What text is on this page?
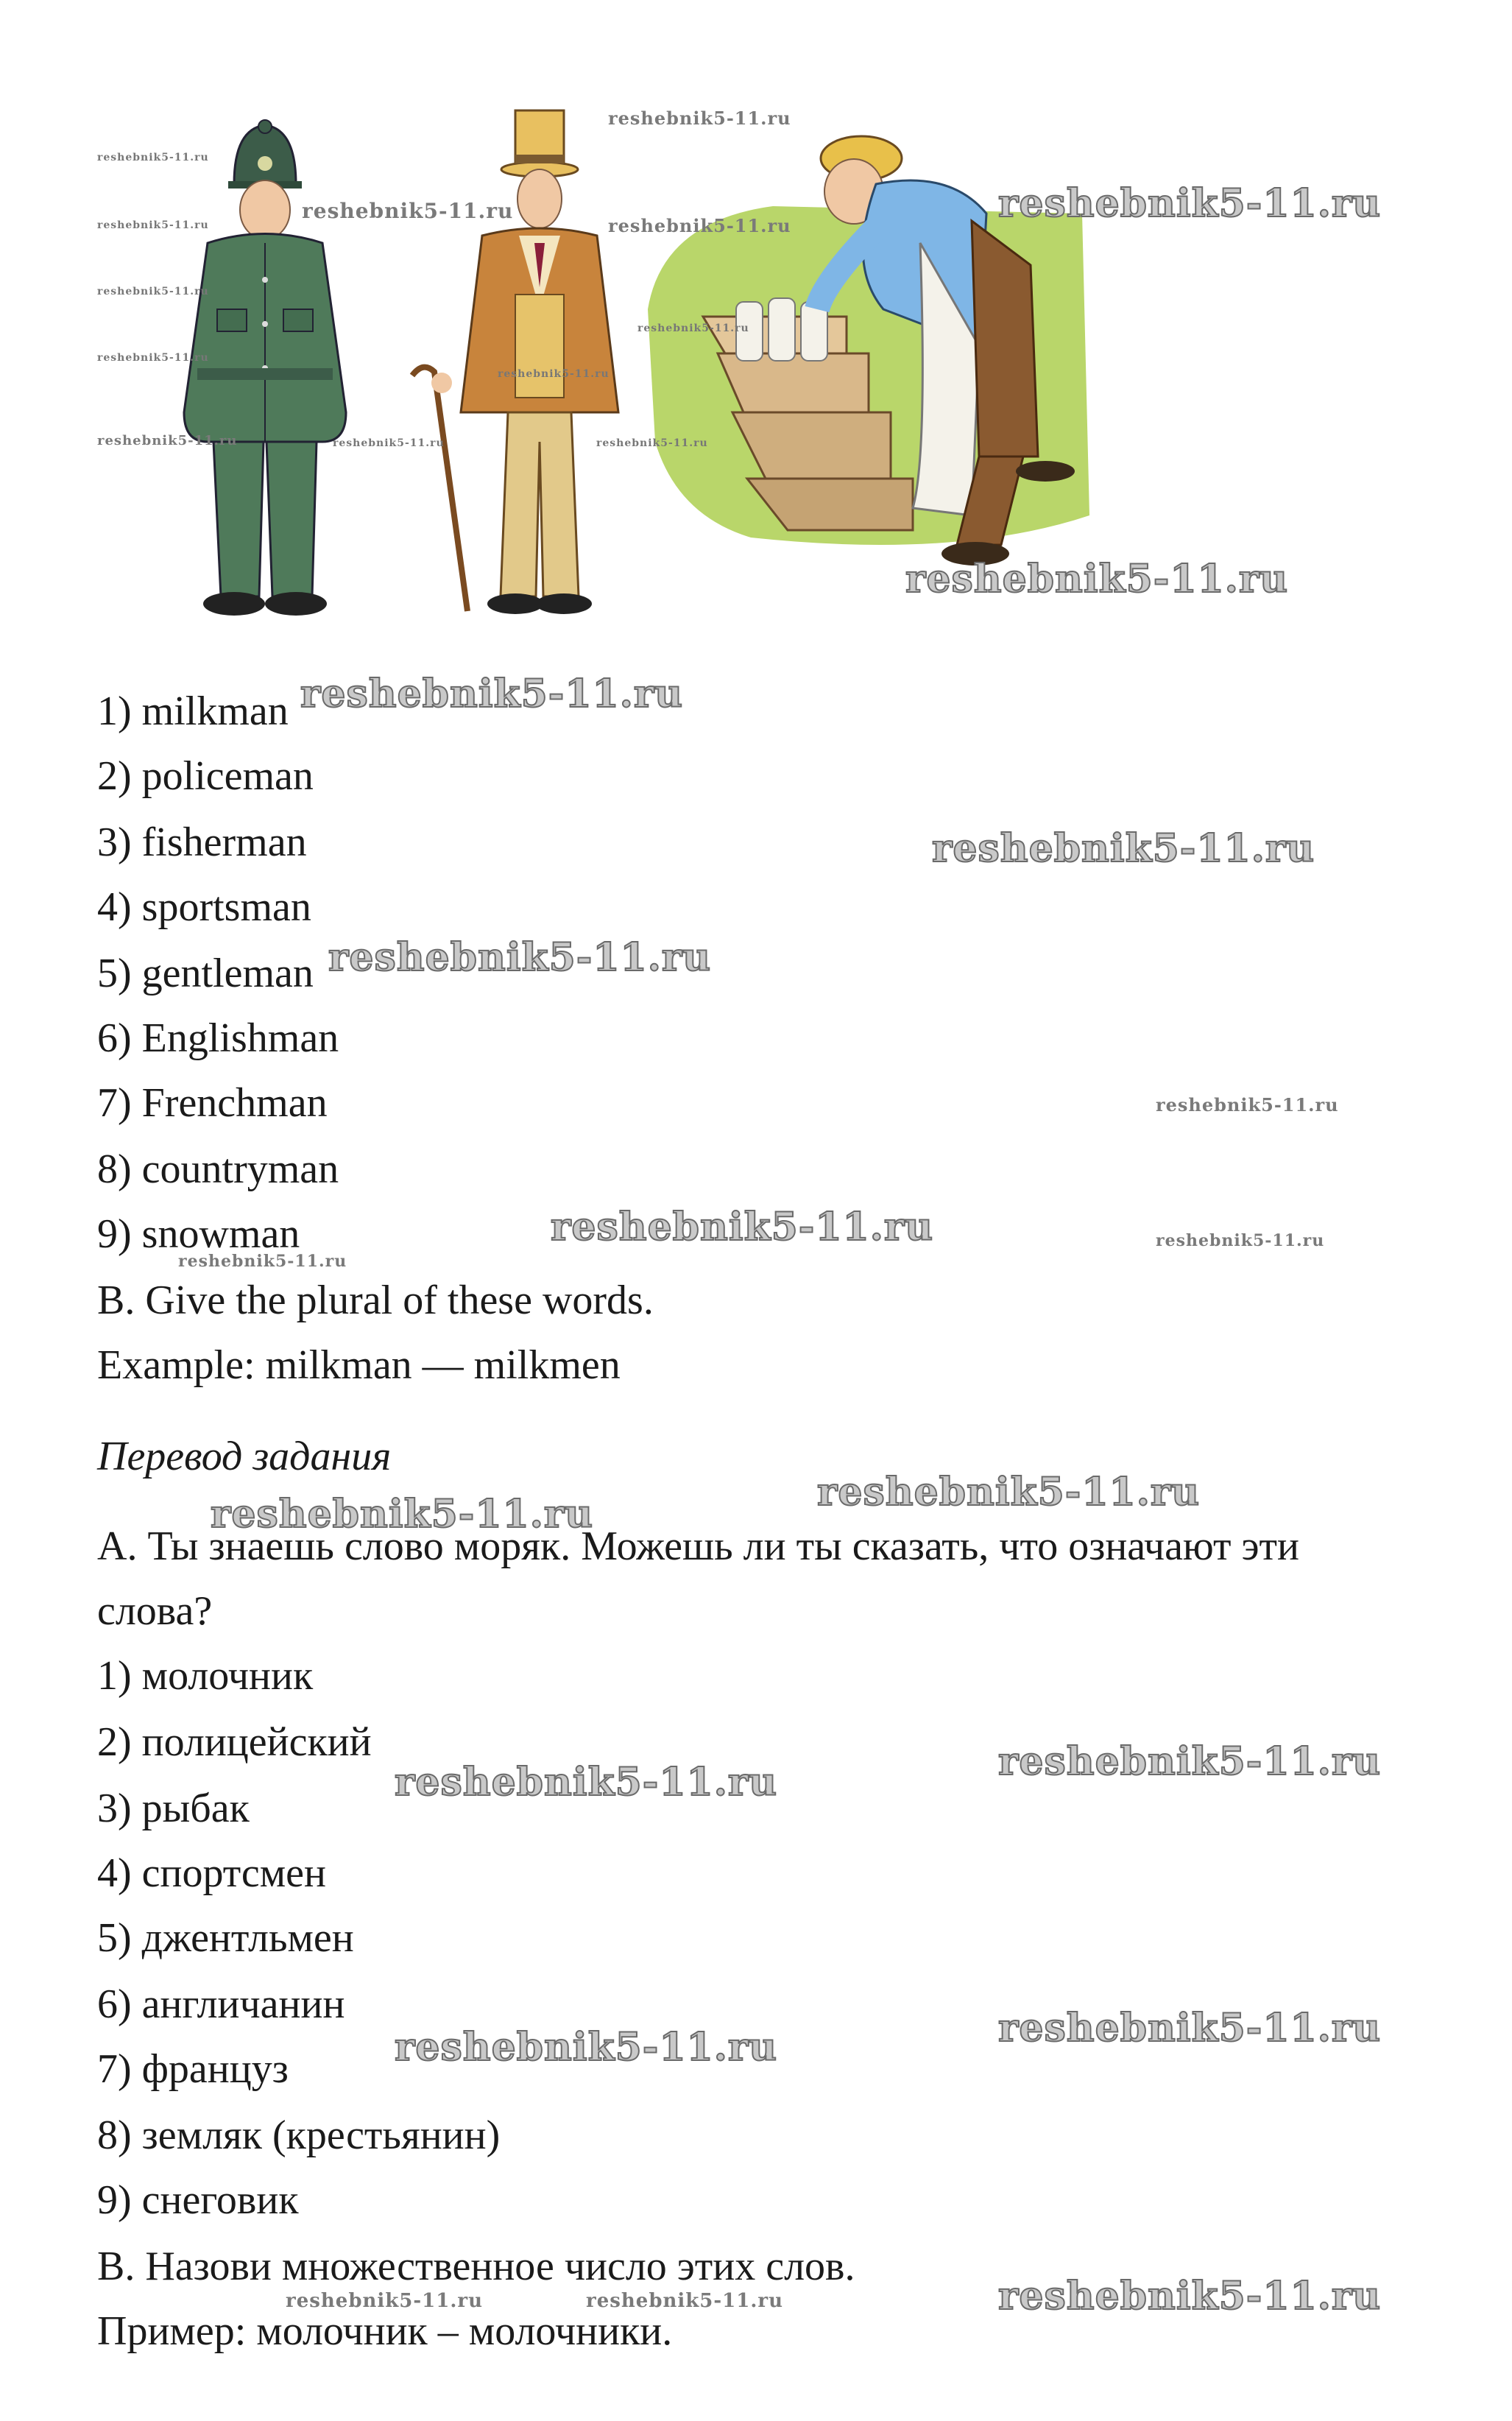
reshebnik5-11.ru
reshebnik5-11.ru
reshebnik5-11.ru
reshebnik5-11.ru
reshebnik5-11.ru
reshebnik5-11.ru
reshebnik5-11.ru
reshebnik5-11.ru
reshebnik5-11.ru
reshebnik5-11.ru
reshebnik5-11.ru	reshebnik5-11.ru
reshebnik5-11.ru
reshebnik5-11.ru
1) milkman
2) policeman
3) fisherman
4) sportsman
5) gentleman
6) Englishman
7) Frenchman
8) countryman
9) snowman
B. Give the plural of these words.
Example: milkman — milkmen
reshebnik5-11.ru
reshebnik5-11.ru
reshebnik5-11.ru
reshebnik5-11.ru
reshebnik5-11.ru	reshebnik5-11.ru
reshebnik5-11.ru
Перевод задания
А. Ты знаешь слово моряк. Можешь ли ты сказать, что означают эти
слова?
1) молочник
2) полицейский
3) рыбак
4) спортсмен
5) джентльмен
6) англичанин
7) француз
8) земляк (крестьянин)
9) снеговик
В. Назови множественное число этих слов.
Пример: молочник – молочники.
reshebnik5-11.ru
reshebnik5-11.ru
reshebnik5-11.ru
reshebnik5-11.ru
reshebnik5-11.ru
reshebnik5-11.ru
reshebnik5-11.ru
reshebnik5-11.ru	reshebnik5-11.ru
